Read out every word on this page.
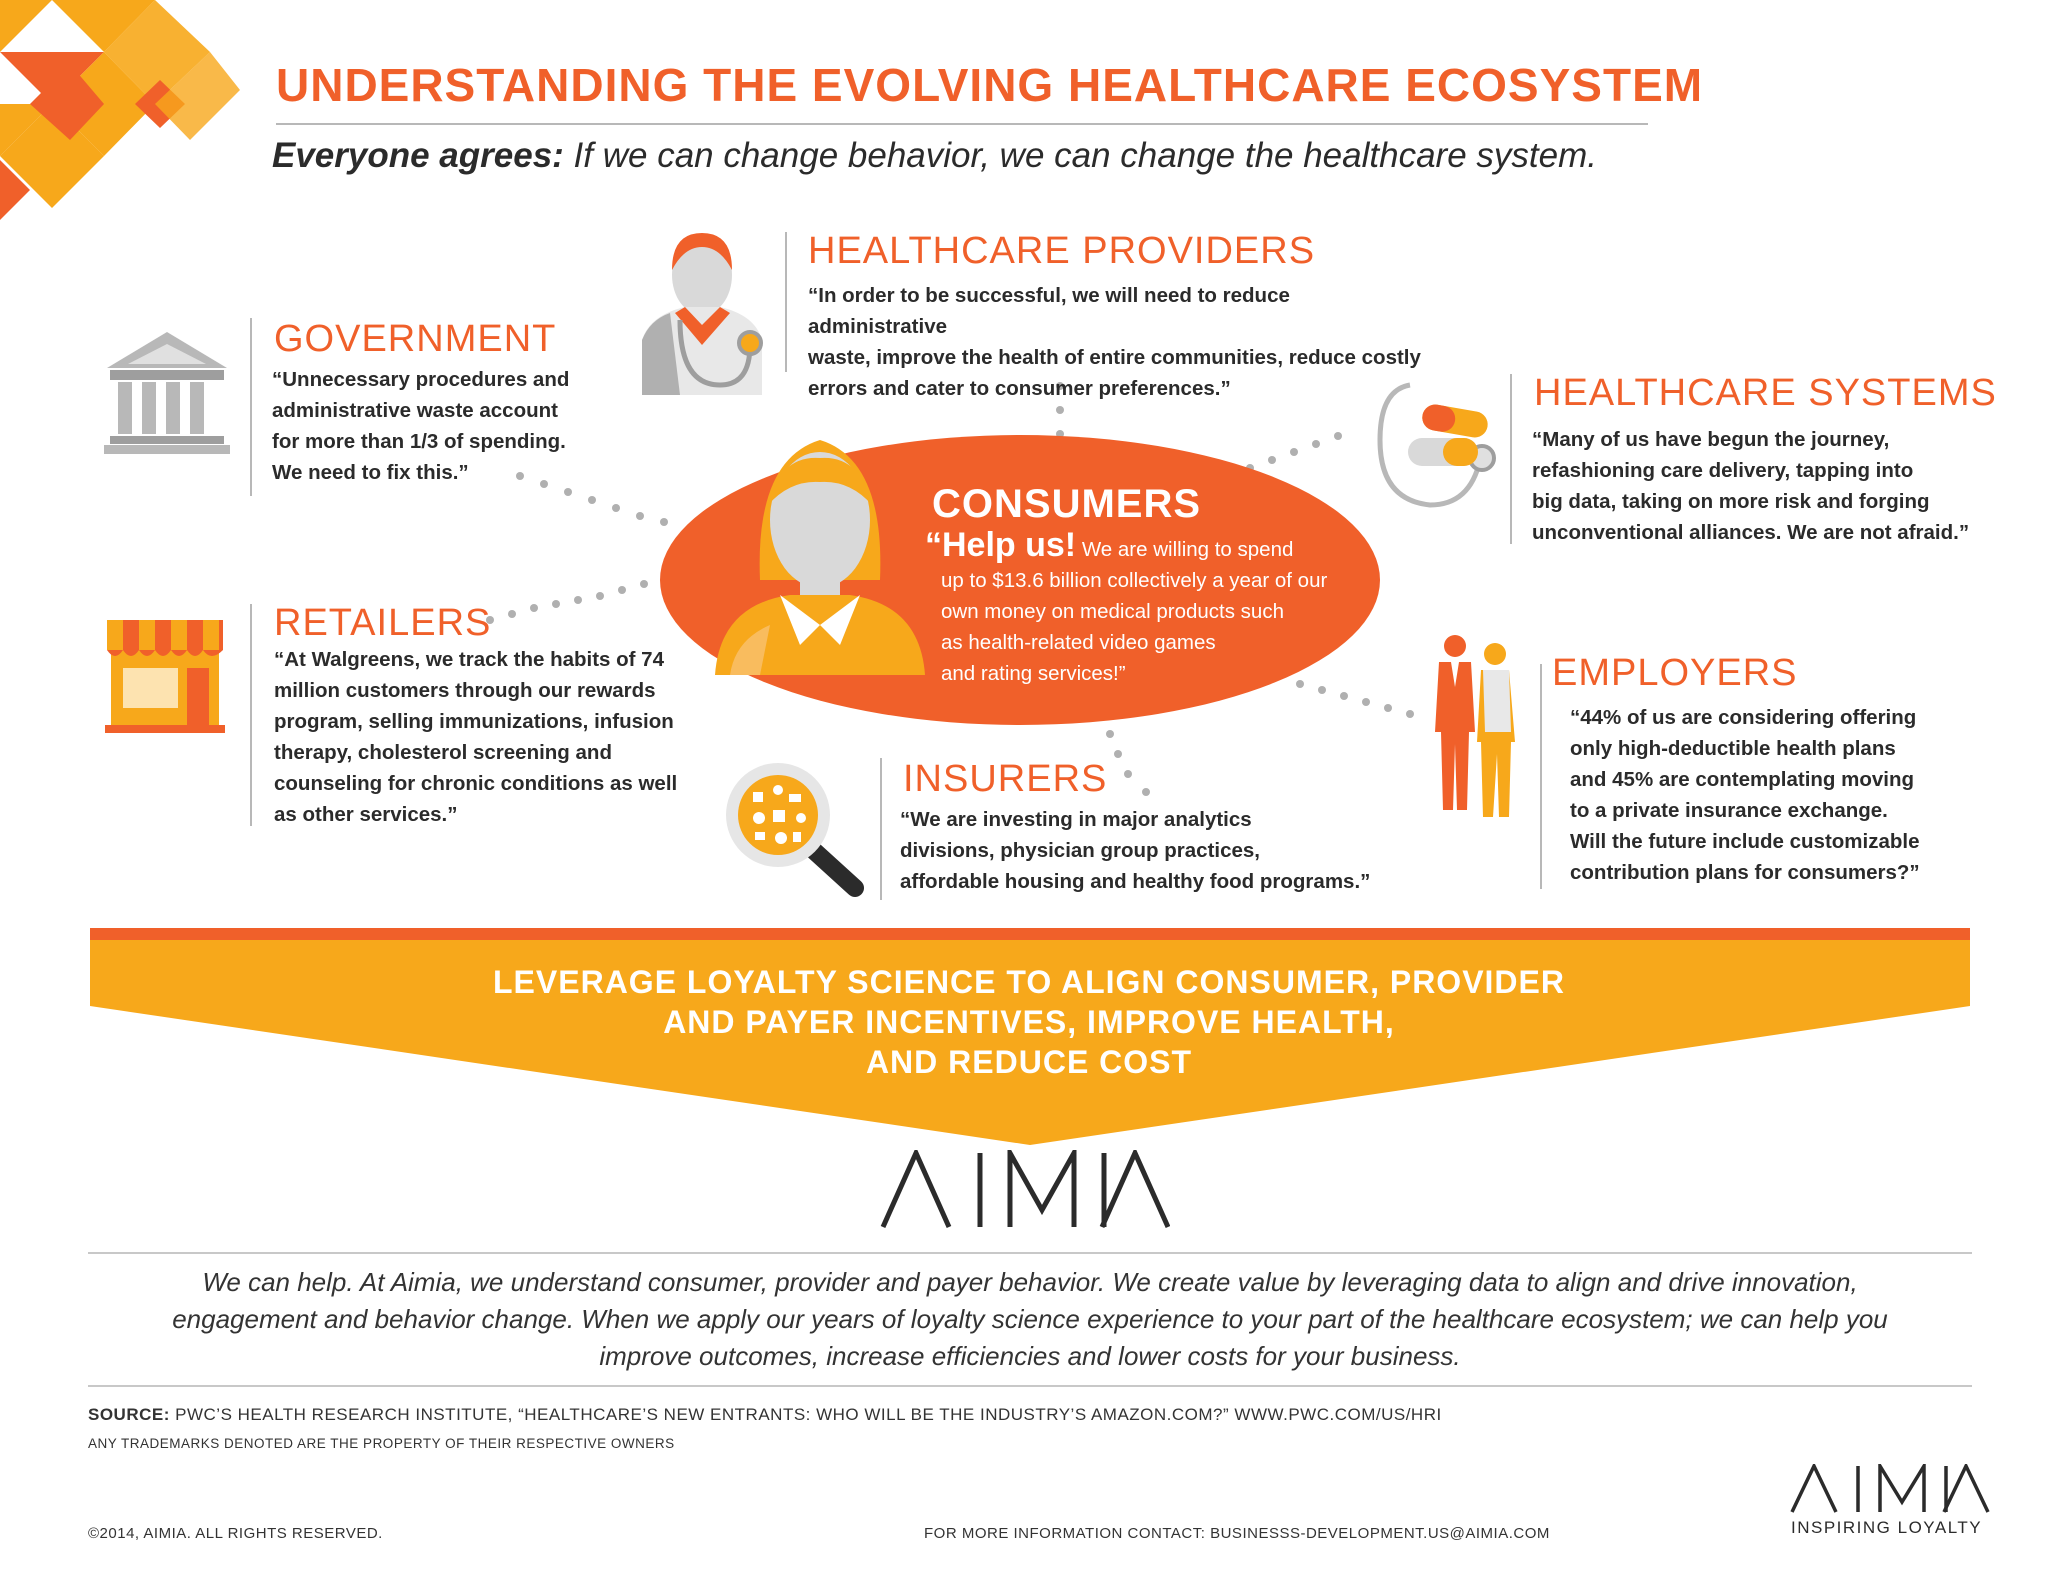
UNDERSTANDING THE EVOLVING HEALTHCARE ECOSYSTEM
Everyone agrees: If we can change behavior, we can change the healthcare system.
CONSUMERS
“Help us! We are willing to spend
up to $13.6 billion collectively a year of our
own money on medical products such
as health-related video games
and rating services!”
HEALTHCARE PROVIDERS
“In order to be successful, we will need to reduce administrative
waste, improve the health of entire communities, reduce costly
errors and cater to consumer preferences.”
GOVERNMENT
“Unnecessary procedures and
administrative waste account
for more than 1/3 of spending.
We need to fix this.”
HEALTHCARE SYSTEMS
“Many of us have begun the journey,
refashioning care delivery, tapping into
big data, taking on more risk and forging
unconventional alliances. We are not afraid.”
RETAILERS
“At Walgreens, we track the habits of 74
million customers through our rewards
program, selling immunizations, infusion
therapy, cholesterol screening and
counseling for chronic conditions as well
as other services.”
EMPLOYERS
“44% of us are considering offering
only high-deductible health plans
and 45% are contemplating moving
to a private insurance exchange.
Will the future include customizable
contribution plans for consumers?”
INSURERS
“We are investing in major analytics
divisions, physician group practices,
affordable housing and healthy food programs.”
LEVERAGE LOYALTY SCIENCE TO ALIGN CONSUMER, PROVIDER
AND PAYER INCENTIVES, IMPROVE HEALTH,
AND REDUCE COST
We can help. At Aimia, we understand consumer, provider and payer behavior. We create value by leveraging data to align and drive innovation,
engagement and behavior change. When we apply our years of loyalty science experience to your part of the healthcare ecosystem; we can help you
improve outcomes, increase efficiencies and lower costs for your business.
SOURCE: PWC’S HEALTH RESEARCH INSTITUTE, “HEALTHCARE’S NEW ENTRANTS: WHO WILL BE THE INDUSTRY’S AMAZON.COM?” WWW.PWC.COM/US/HRI
ANY TRADEMARKS DENOTED ARE THE PROPERTY OF THEIR RESPECTIVE OWNERS
©2014, AIMIA. ALL RIGHTS RESERVED.	FOR MORE INFORMATION CONTACT: BUSINESSS-DEVELOPMENT.US@AIMIA.COM	INSPIRING LOYALTY
